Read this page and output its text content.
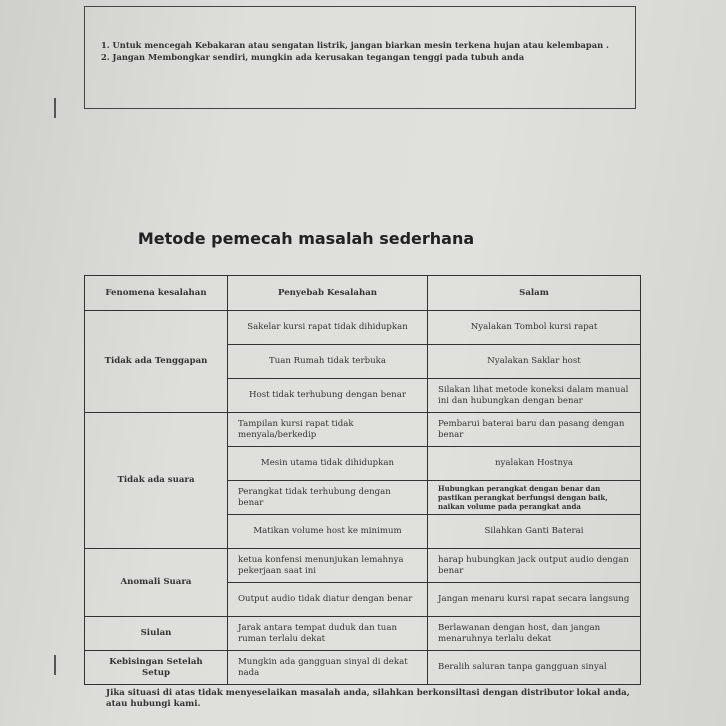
1. Untuk mencegah Kebakaran atau sengatan listrik, jangan biarkan mesin terkena hujan atau kelembapan .
2. Jangan Membongkar sendiri, mungkin ada kerusakan tegangan tenggi pada tubuh anda
Metode pemecah masalah sederhana
Fenomena kesalahan	Penyebab Kesalahan	Salam
Tidak ada Tenggapan	Sakelar kursi rapat tidak dihidupkan	Nyalakan Tombol kursi rapat
	Tuan Rumah tidak terbuka	Nyalakan Saklar host
	Host tidak terhubung dengan benar	Silakan lihat metode koneksi dalam manual ini dan hubungkan dengan benar
Tidak ada suara	Tampilan kursi rapat tidak menyala/berkedip	Pembarui baterai baru dan pasang dengan benar
	Mesin utama tidak dihidupkan	nyalakan Hostnya
	Perangkat tidak terhubung dengan benar	Hubungkan perangkat dengan benar dan pastikan perangkat berfungsi dengan baik, naikan volume pada perangkat anda
	Matikan volume host ke minimum	Silahkan Ganti Baterai
Anomali Suara	ketua konfensi menunjukan lemahnya pekerjaan saat ini	harap hubungkan jack output audio dengan benar
	Output audio tidak diatur dengan benar	Jangan menaru kursi rapat secara langsung
Siulan	Jarak antara tempat duduk dan tuan ruman terlalu dekat	Berlawanan dengan host, dan jangan menaruhnya terlalu dekat
Kebisingan Setelah Setup	Mungkin ada gangguan sinyal di dekat nada	Beralih saluran tanpa gangguan sinyal
Jika situasi di atas tidak menyeselaikan masalah anda, silahkan berkonsiltasi dengan distributor lokal anda, atau hubungi kami.
